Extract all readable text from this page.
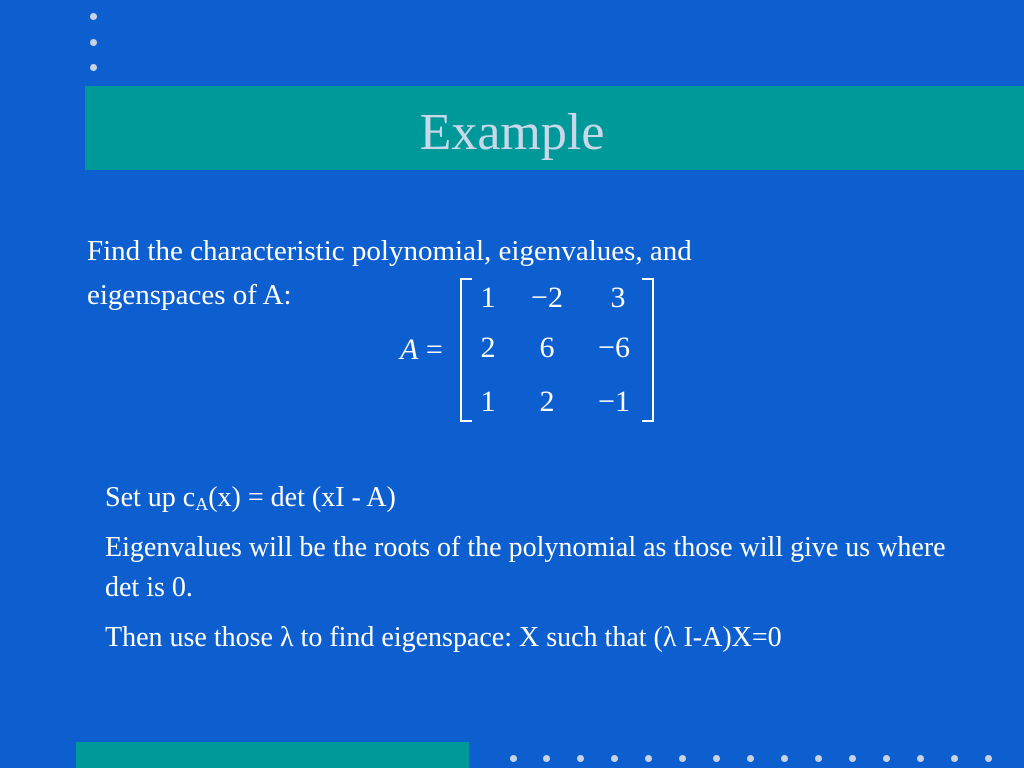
Example
Find the characteristic polynomial, eigenvalues, and
eigenspaces of A:
A =
1	−2	3
2	6	−6
1	2	−1

Set up $c_A(x) = \det (xI - A)$

Eigenvalues will be the roots of the polynomial as those will give us where det is 0.

Then use those λ to find eigenspace: X such that (λ I-A)X=0
